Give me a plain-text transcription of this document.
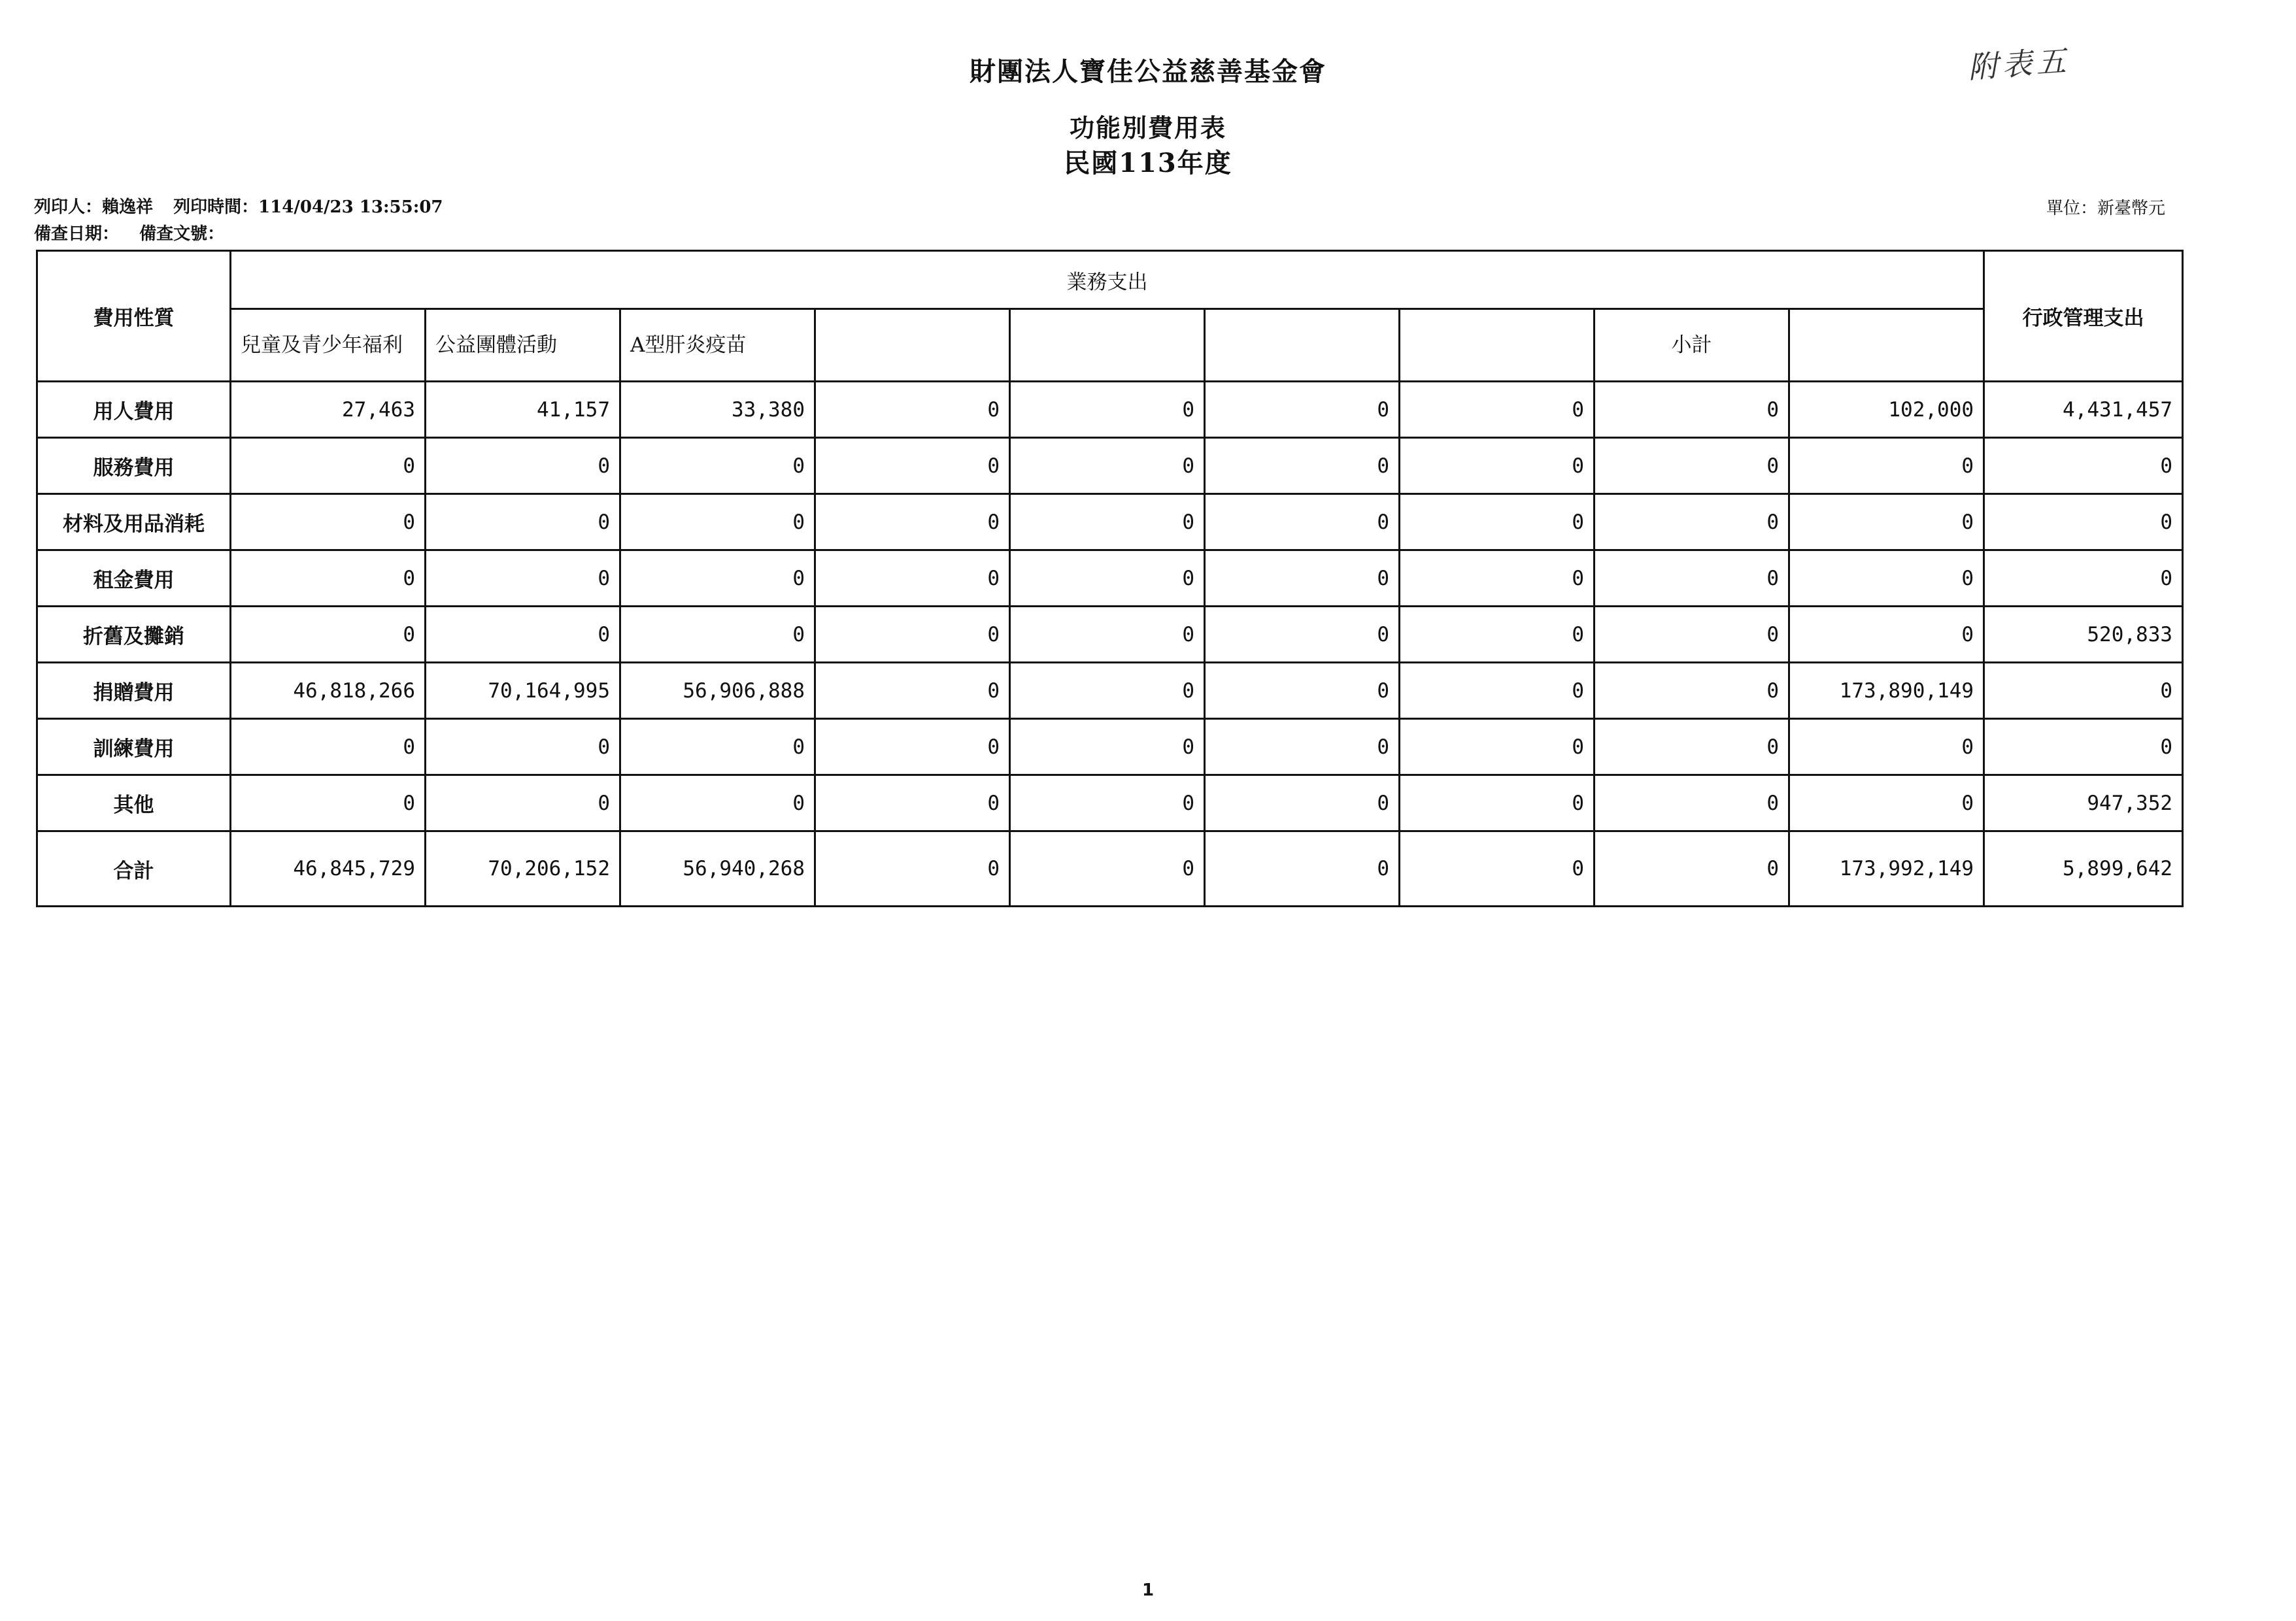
財團法人寶佳公益慈善基金會
功能別費用表
民國113年度
附表五
列印人：賴逸祥 列印時間：114/04/23 13:55:07
備查日期： 備查文號：
單位：新臺幣元
費用性質	業務支出									行政管理支出
	兒童及青少年福利	公益團體活動	A型肝炎疫苗					小計		
用人費用	27,463	41,157	33,380	0	0	0	0	0	102,000	4,431,457
服務費用	0	0	0	0	0	0	0	0	0	0
材料及用品消耗	0	0	0	0	0	0	0	0	0	0
租金費用	0	0	0	0	0	0	0	0	0	0
折舊及攤銷	0	0	0	0	0	0	0	0	0	520,833
捐贈費用	46,818,266	70,164,995	56,906,888	0	0	0	0	0	173,890,149	0
訓練費用	0	0	0	0	0	0	0	0	0	0
其他	0	0	0	0	0	0	0	0	0	947,352
合計	46,845,729	70,206,152	56,940,268	0	0	0	0	0	173,992,149	5,899,642
1
